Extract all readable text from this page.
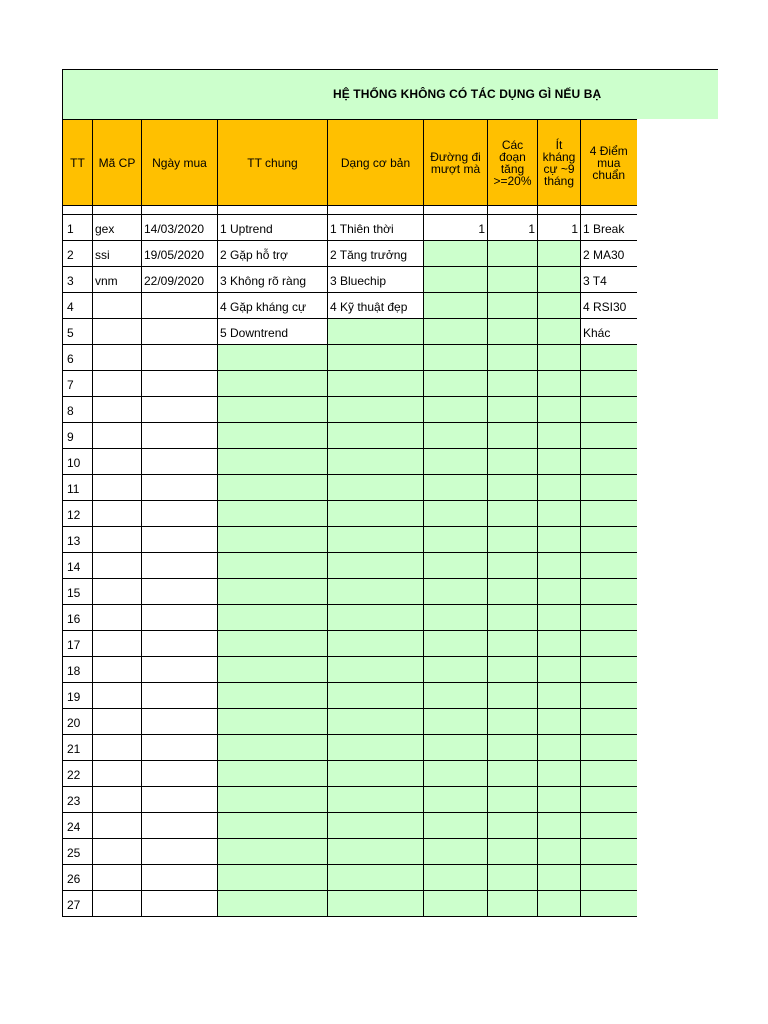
HỆ THỐNG KHÔNG CÓ TÁC DỤNG GÌ NẾU BẠ
TT	Mã CP	Ngày mua	TT chung	Dạng cơ bản	Đường đi mượt mà	Các đoạn tăng >=20%	Ít kháng cự ~9 tháng	4 Điểm mua chuẩn

1	gex	14/03/2020	1 Uptrend	1 Thiên thời	1	1	1	1 Break
2	ssi	19/05/2020	2 Gặp hỗ trợ	2 Tăng trưởng				2 MA30
3	vnm	22/09/2020	3 Không rõ ràng	3 Bluechip				3 T4
4			4 Gặp kháng cự	4 Kỹ thuật đẹp				4 RSI30
5			5 Downtrend					Khác
6								
7								
8								
9								
10								
11								
12								
13								
14								
15								
16								
17								
18								
19								
20								
21								
22								
23								
24								
25								
26								
27								
